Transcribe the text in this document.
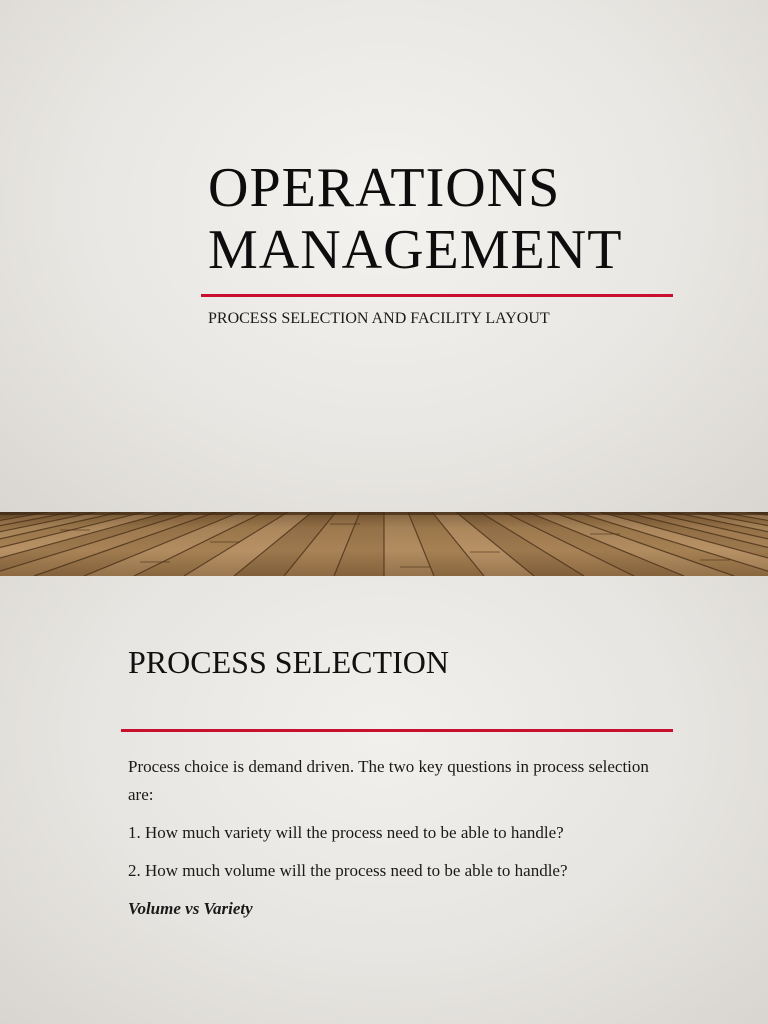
OPERATIONS
MANAGEMENT
PROCESS SELECTION AND FACILITY LAYOUT
PROCESS SELECTION
Process choice is demand driven. The two key questions in process selection are:
1. How much variety will the process need to be able to handle?
2. How much volume will the process need to be able to handle?
Volume vs Variety
